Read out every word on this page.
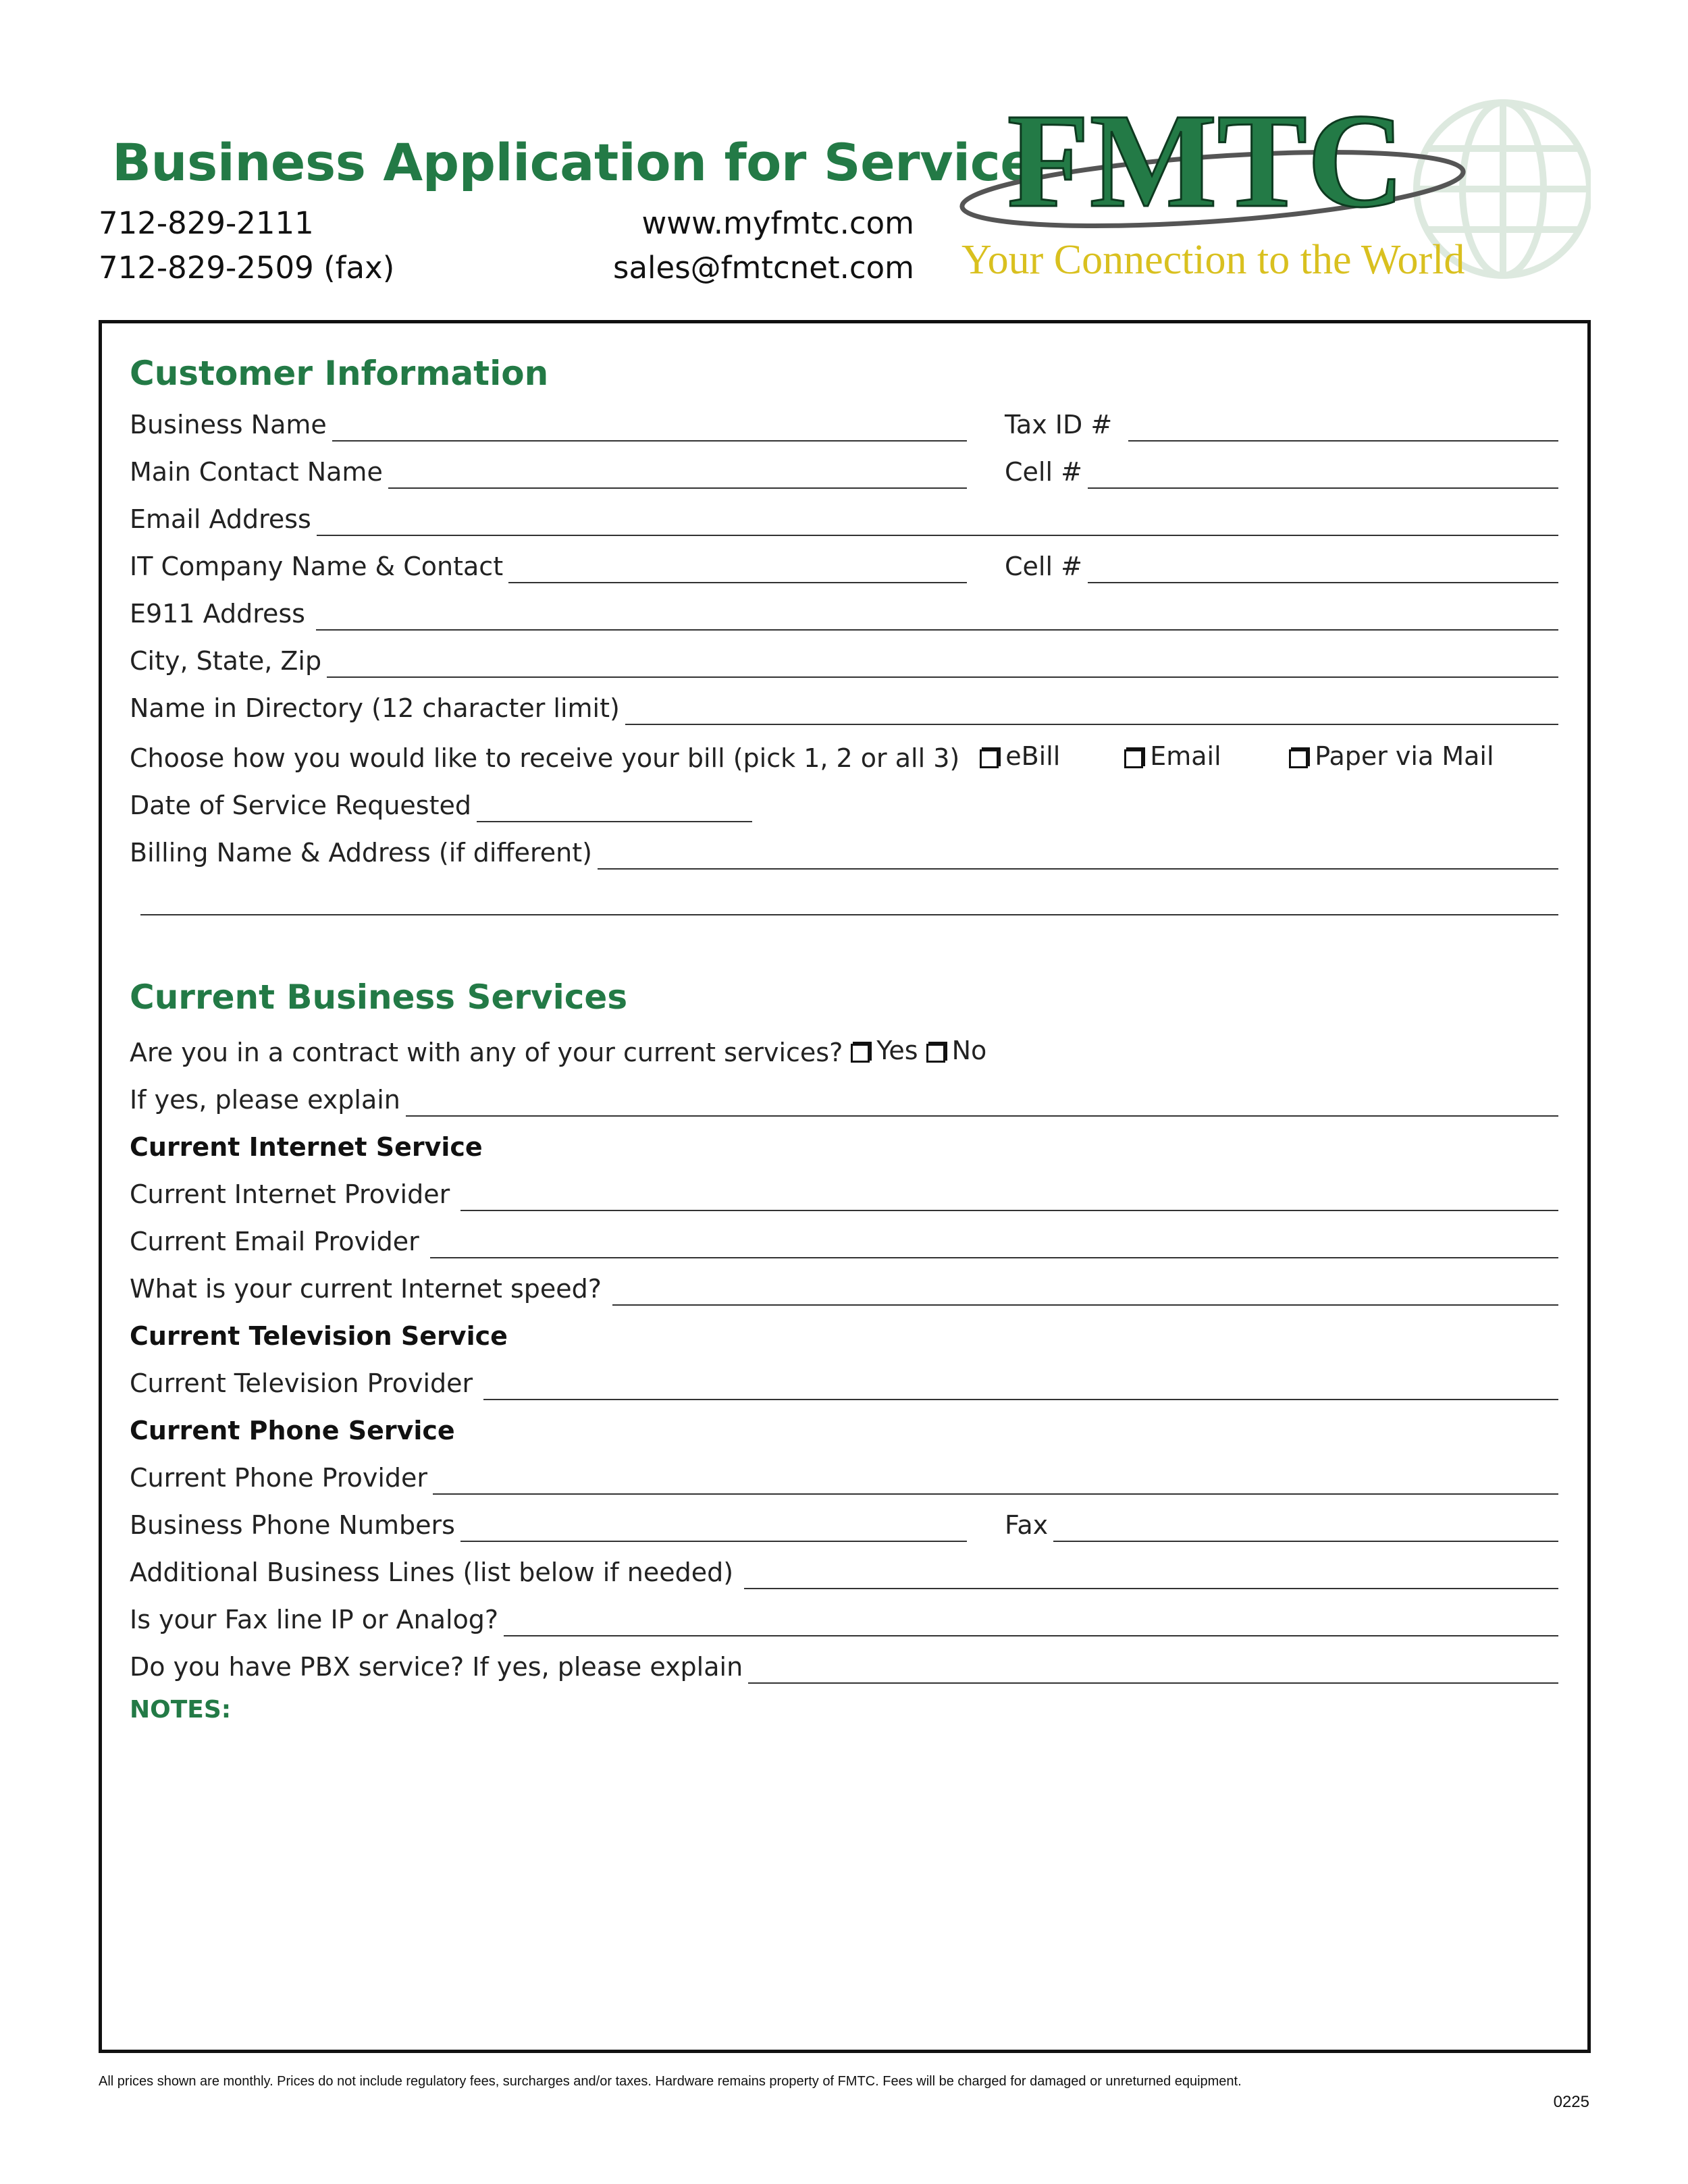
Business Application for Service
712-829-2111
712-829-2509 (fax)
www.myfmtc.com
sales@fmtcnet.com
FMTC
Your Connection to the World
Customer Information
Business Name	Tax ID #
Main Contact Name	Cell #
Email Address
IT Company Name & Contact	Cell #
E911 Address
City, State, Zip
Name in Directory (12 character limit)
Choose how you would like to receive your bill (pick 1, 2 or all 3) eBill	Email	Paper via Mail
Date of Service Requested
Billing Name & Address (if different)
Current Business Services
Are you in a contract with any of your current services? Yes No
If yes, please explain
Current Internet Service
Current Internet Provider
Current Email Provider
What is your current Internet speed?
Current Television Service
Current Television Provider
Current Phone Service
Current Phone Provider
Business Phone Numbers	Fax
Additional Business Lines (list below if needed)
Is your Fax line IP or Analog?
Do you have PBX service? If yes, please explain
NOTES:
All prices shown are monthly. Prices do not include regulatory fees, surcharges and/or taxes. Hardware remains property of FMTC. Fees will be charged for damaged or unreturned equipment.
0225
